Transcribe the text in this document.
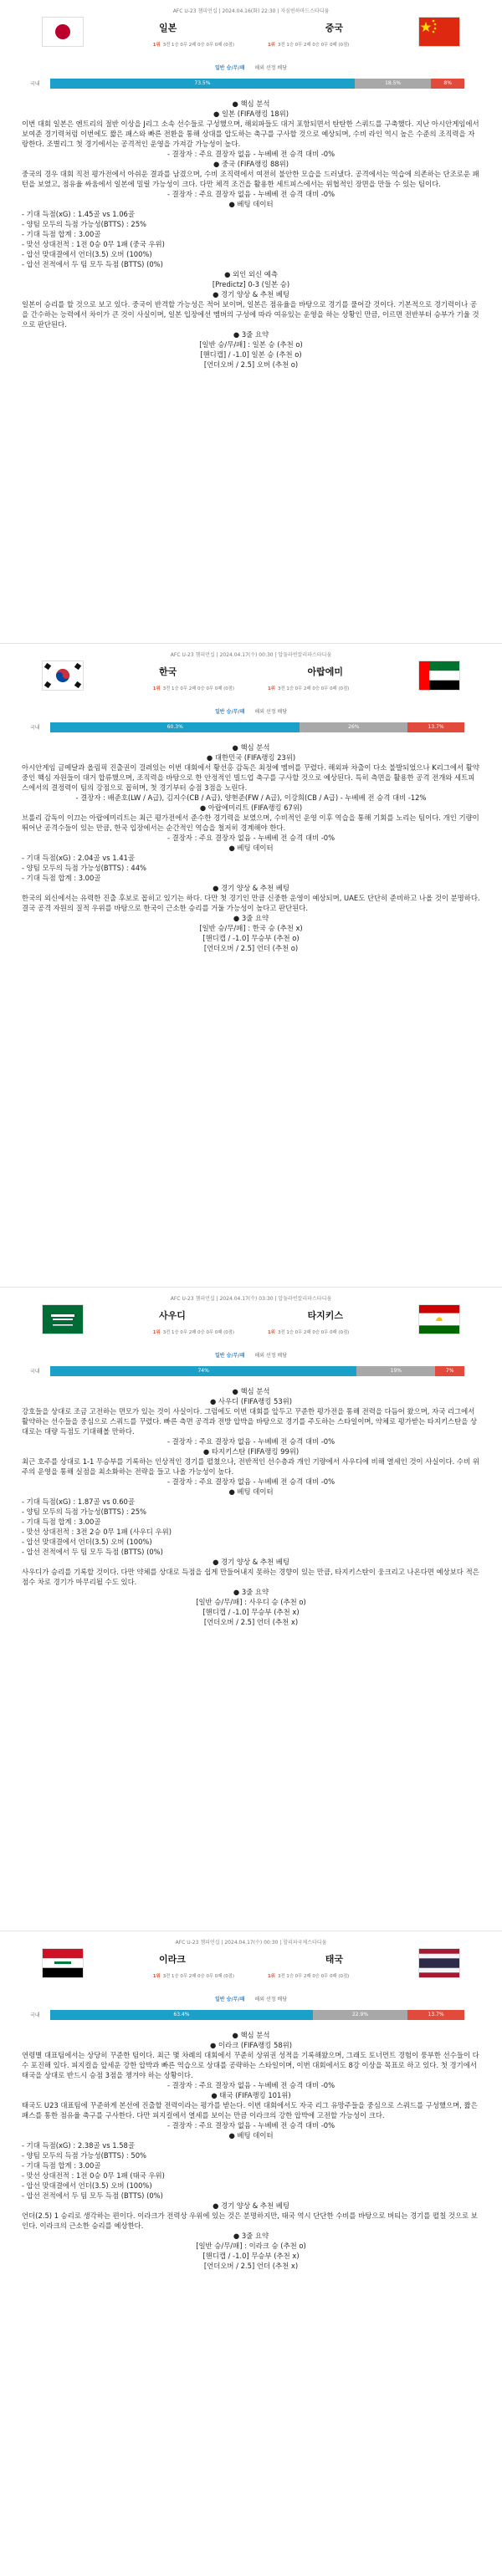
AFC U-23 챔피언십 | 2024.04.16(화) 22:30 | 자심빈하마드스타디움
일본	중국
1위 3전 1승 0무 2패 0승 0무 0패 (0점)	1위 3전 1승 0무 2패 0승 0무 0패 (0점)
일반 승/무/패 해외 선정 배당
국내	73.5%	18.5%	8%

● 핵심 분석

● 일본 (FIFA랭킹 18위)

이번 대회 일본은 엔트리의 절반 이상을 J리그 소속 선수들로 구성했으며, 해외파들도 대거 포함되면서 탄탄한 스쿼드를 구축했다. 지난 아시안게임에서 보여준 경기력처럼 이번에도 짧은 패스와 빠른 전환을 통해 상대를 압도하는 축구를 구사할 것으로 예상되며, 수비 라인 역시 높은 수준의 조직력을 자랑한다. 조별리그 첫 경기에서는 공격적인 운영을 가져갈 가능성이 높다.

- 결장자 : 주요 결장자 없음 - 누베베 전 승격 대비 -0%

● 중국 (FIFA랭킹 88위)

중국의 경우 대회 직전 평가전에서 아쉬운 결과를 남겼으며, 수비 조직력에서 여전히 불안한 모습을 드러냈다. 공격에서는 역습에 의존하는 단조로운 패턴을 보였고, 점유율 싸움에서 일본에 밀릴 가능성이 크다. 다만 체격 조건을 활용한 세트피스에서는 위협적인 장면을 만들 수 있는 팀이다.

- 결장자 : 주요 결장자 없음 - 누베베 전 승격 대비 -0%

● 베팅 데이터

- 기대 득점(xG) : 1.45골 vs 1.06골

- 양팀 모두의 득점 가능성(BTTS) : 25%

- 기대 득점 합계 : 3.00골

- 맞선 상대전적 : 1전 0승 0무 1패 (중국 우위)

- 압선 맞대결에서 언더(3.5) 오버 (100%)

- 압선 전적에서 두 팀 모두 득점 (BTTS) (0%)

● 외인 외신 예측

[Predictz] 0-3 (일본 승)

● 경기 양상 & 추천 베팅

일본이 승리를 할 것으로 보고 있다. 중국이 반격할 가능성은 적어 보이며, 일본은 점유율을 바탕으로 경기를 풀어갈 것이다. 기본적으로 경기력이나 공을 간수하는 능력에서 차이가 큰 것이 사실이며, 일본 입장에선 멤버의 구성에 따라 여유있는 운영을 하는 상황인 만큼, 이르면 전반부터 승부가 기울 것으로 판단된다.

● 3줄 요약

[일반 승/무/패] : 일본 승 (추천 o)

[핸디캡] / -1.0] 일본 승 (추천 o)

[언더오버 / 2.5] 오버 (추천 o)

AFC U-23 챔피언십 | 2024.04.17(수) 00:30 | 압둘라빈칼리파스타디움
한국	아랍에미
1위 3전 1승 0무 2패 0승 0무 0패 (0점)	1위 3전 1승 0무 2패 0승 0무 0패 (0점)
일반 승/무/패 해외 선정 배당
국내	60.3%	26%	13.7%

● 핵심 분석

● 대한민국 (FIFA랭킹 23위)

아시안게임 금메달과 올림픽 진출권이 걸려있는 이번 대회에서 황선홍 감독은 최정예 멤버를 꾸렸다. 해외파 차출이 다소 불발되었으나 K리그에서 활약 중인 핵심 자원들이 대거 합류했으며, 조직력을 바탕으로 한 안정적인 빌드업 축구를 구사할 것으로 예상된다. 특히 측면을 활용한 공격 전개와 세트피스에서의 결정력이 팀의 강점으로 꼽히며, 첫 경기부터 승점 3점을 노린다.

- 결장자 : 배준호(LW / A급), 김지수(CB / A급), 양현준(FW / A급), 이강희(CB / A급) - 누베베 전 승격 대비 -12%

● 아랍에미리트 (FIFA랭킹 67위)

브롤리 감독이 이끄는 아랍에미리트는 최근 평가전에서 준수한 경기력을 보였으며, 수비적인 운영 이후 역습을 통해 기회를 노리는 팀이다. 개인 기량이 뛰어난 공격수들이 있는 만큼, 한국 입장에서는 순간적인 역습을 철저히 경계해야 한다.

- 결장자 : 주요 결장자 없음 - 누베베 전 승격 대비 -0%

● 베팅 데이터

- 기대 득점(xG) : 2.04골 vs 1.41골

- 양팀 모두의 득점 가능성(BTTS) : 44%

- 기대 득점 합계 : 3.00골

● 경기 양상 & 추천 베팅

한국의 외신에서는 유력한 진출 후보로 꼽히고 있기는 하다. 다만 첫 경기인 만큼 신중한 운영이 예상되며, UAE도 단단히 준비하고 나올 것이 분명하다. 결국 공격 자원의 질적 우위를 바탕으로 한국이 근소한 승리를 거둘 가능성이 높다고 판단된다.

● 3줄 요약

[일반 승/무/패] : 한국 승 (추천 x)

[핸디캡 / -1.0] 무승부 (추천 o)

[언더오버 / 2.5] 언더 (추천 o)

AFC U-23 챔피언십 | 2024.04.17(수) 03:30 | 압둘라빈칼리파스타디움
사우디	타지키스
1위 3전 1승 0무 2패 0승 0무 0패 (0점)	1위 3전 1승 0무 2패 0승 0무 0패 (0점)
일반 승/무/패 해외 선정 배당
국내	74%	19%	7%

● 핵심 분석

● 사우디 (FIFA랭킹 53위)

강호들을 상대로 조금 고전하는 면모가 있는 것이 사실이다. 그럼에도 이번 대회를 앞두고 꾸준한 평가전을 통해 전력을 다듬어 왔으며, 자국 리그에서 활약하는 선수들을 중심으로 스쿼드를 꾸렸다. 빠른 측면 공격과 전방 압박을 바탕으로 경기를 주도하는 스타일이며, 약체로 평가받는 타지키스탄을 상대로는 대량 득점도 기대해볼 만하다.

- 결장자 : 주요 결장자 없음 - 누베베 전 승격 대비 -0%

● 타지키스탄 (FIFA랭킹 99위)

최근 호주를 상대로 1-1 무승부를 기록하는 인상적인 경기를 펼쳤으나, 전반적인 선수층과 개인 기량에서 사우디에 비해 열세인 것이 사실이다. 수비 위주의 운영을 통해 실점을 최소화하는 전략을 들고 나올 가능성이 높다.

- 결장자 : 주요 결장자 없음 - 누베베 전 승격 대비 -0%

● 베팅 데이터

- 기대 득점(xG) : 1.87골 vs 0.60골

- 양팀 모두의 득점 가능성(BTTS) : 25%

- 기대 득점 합계 : 3.00골

- 맞선 상대전적 : 3전 2승 0무 1패 (사우디 우위)

- 압선 맞대결에서 언더(3.5) 오버 (100%)

- 압선 전적에서 두 팀 모두 득점 (BTTS) (0%)

● 경기 양상 & 추천 베팅

사우디가 승리를 기록할 것이다. 다만 약체를 상대로 득점을 쉽게 만들어내지 못하는 경향이 있는 만큼, 타지키스탄이 웅크리고 나온다면 예상보다 적은 점수 차로 경기가 마무리될 수도 있다.

● 3줄 요약

[일반 승/무/패] : 사우디 승 (추천 o)

[핸디캡 / -1.0] 무승부 (추천 x)

[언더오버 / 2.5] 언더 (추천 x)

AFC U-23 챔피언십 | 2024.04.17(수) 00:30 | 할리파국제스타디움
이라크	태국
1위 3전 1승 0무 2패 0승 0무 0패 (0점)	1위 3전 1승 0무 2패 0승 0무 0패 (0점)
일반 승/무/패 해외 선정 배당
국내	63.4%	22.9%	13.7%

● 핵심 분석

● 이라크 (FIFA랭킹 58위)

연령별 대표팀에서는 상당히 꾸준한 팀이다. 최근 몇 차례의 대회에서 꾸준히 상위권 성적을 기록해왔으며, 그래도 토너먼트 경험이 풍부한 선수들이 다수 포진해 있다. 피지컬을 앞세운 강한 압박과 빠른 역습으로 상대를 공략하는 스타일이며, 이번 대회에서도 8강 이상을 목표로 하고 있다. 첫 경기에서 태국을 상대로 반드시 승점 3점을 챙겨야 하는 상황이다.

- 결장자 : 주요 결장자 없음 - 누베베 전 승격 대비 -0%

● 태국 (FIFA랭킹 101위)

태국도 U23 대표팀에 꾸준하게 본선에 진출할 전력이라는 평가를 받는다. 이번 대회에서도 자국 리그 유망주들을 중심으로 스쿼드를 구성했으며, 짧은 패스를 통한 점유율 축구를 구사한다. 다만 피지컬에서 열세를 보이는 만큼 이라크의 강한 압박에 고전할 가능성이 크다.

- 결장자 : 주요 결장자 없음 - 누베베 전 승격 대비 -0%

● 베팅 데이터

- 기대 득점(xG) : 2.38골 vs 1.58골

- 양팀 모두의 득점 가능성(BTTS) : 50%

- 기대 득점 합계 : 3.00골

- 맞선 상대전적 : 1전 0승 0무 1패 (태국 우위)

- 압선 맞대결에서 언더(3.5) 오버 (100%)

- 압선 전적에서 두 팀 모두 득점 (BTTS) (0%)

● 경기 양상 & 추천 베팅

언더(2.5) 1 승리로 생각하는 편이다. 이라크가 전력상 우위에 있는 것은 분명하지만, 태국 역시 단단한 수비를 바탕으로 버티는 경기를 펼칠 것으로 보인다. 이라크의 근소한 승리를 예상한다.

● 3줄 요약

[일반 승/무/패] : 이라크 승 (추천 o)

[핸디캡 / -1.0] 무승부 (추천 x)

[언더오버 / 2.5] 언더 (추천 x)
